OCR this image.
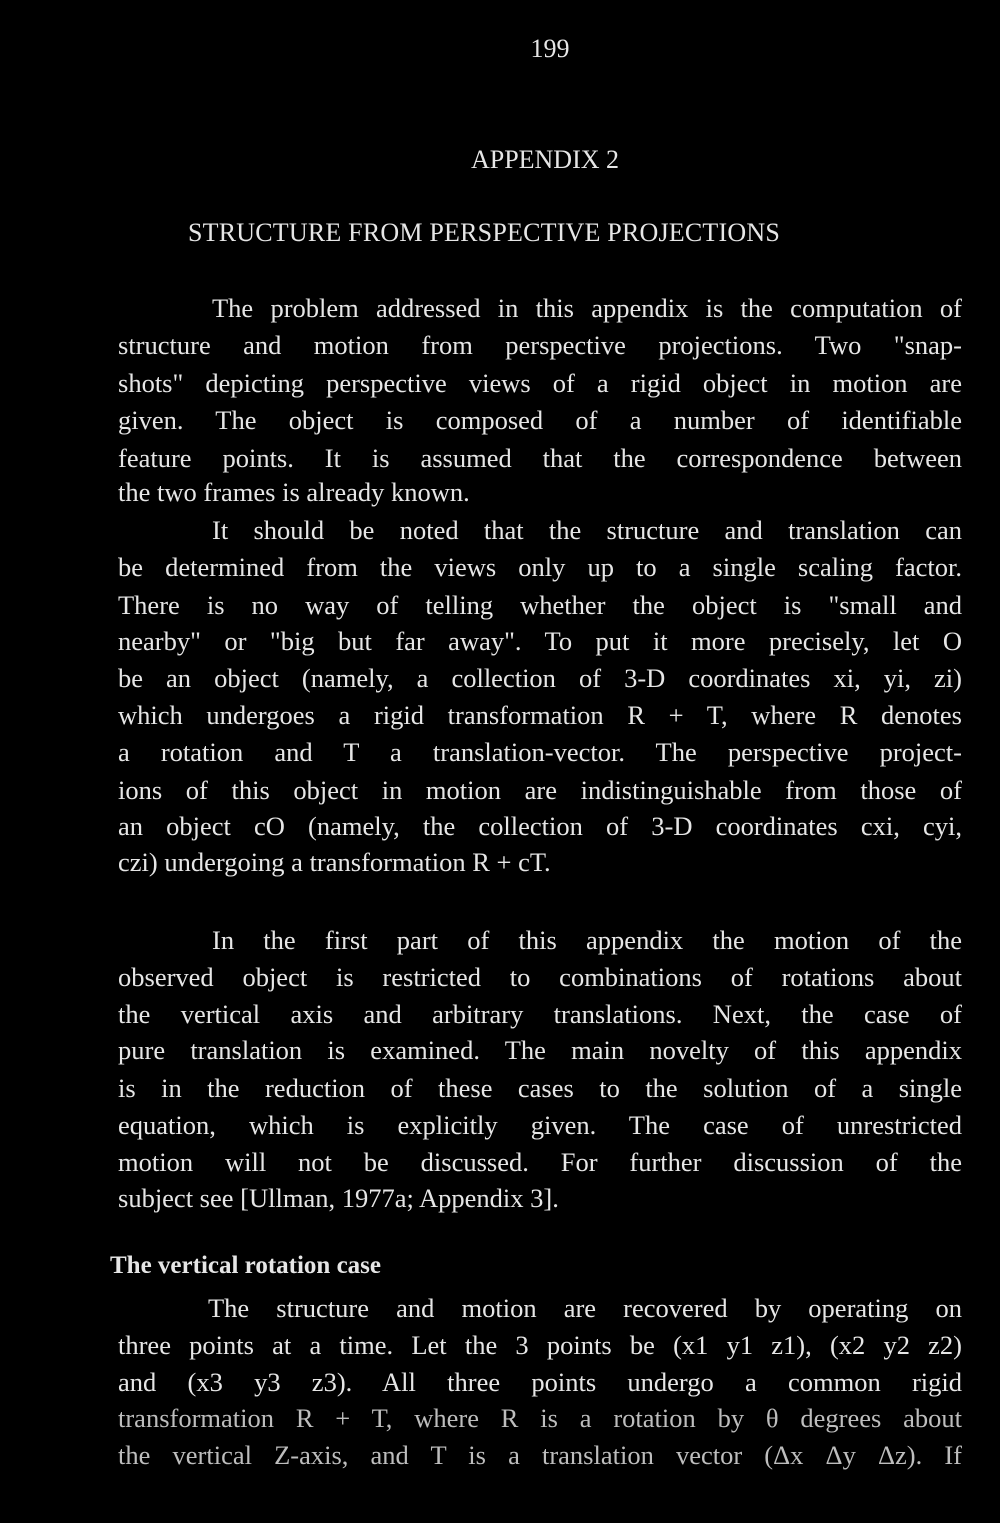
199
APPENDIX 2
STRUCTURE FROM PERSPECTIVE PROJECTIONS
The problem addressed in this appendix is the computation of
structure and motion from perspective projections. Two "snap-
shots" depicting perspective views of a rigid object in motion are
given. The object is composed of a number of identifiable
feature points. It is assumed that the correspondence between
the two frames is already known.
It should be noted that the structure and translation can
be determined from the views only up to a single scaling factor.
There is no way of telling whether the object is "small and
nearby" or "big but far away". To put it more precisely, let O
be an object (namely, a collection of 3-D coordinates xi, yi, zi)
which undergoes a rigid transformation R + T, where R denotes
a rotation and T a translation-vector. The perspective project-
ions of this object in motion are indistinguishable from those of
an object cO (namely, the collection of 3-D coordinates cxi, cyi,
czi) undergoing a transformation R + cT.
In the first part of this appendix the motion of the
observed object is restricted to combinations of rotations about
the vertical axis and arbitrary translations. Next, the case of
pure translation is examined. The main novelty of this appendix
is in the reduction of these cases to the solution of a single
equation, which is explicitly given. The case of unrestricted
motion will not be discussed. For further discussion of the
subject see [Ullman, 1977a; Appendix 3].
The structure and motion are recovered by operating on
three points at a time. Let the 3 points be (x1 y1 z1), (x2 y2 z2)
and (x3 y3 z3). All three points undergo a common rigid
transformation R + T, where R is a rotation by θ degrees about
the vertical Z-axis, and T is a translation vector (Δx Δy Δz). If
The vertical rotation case
